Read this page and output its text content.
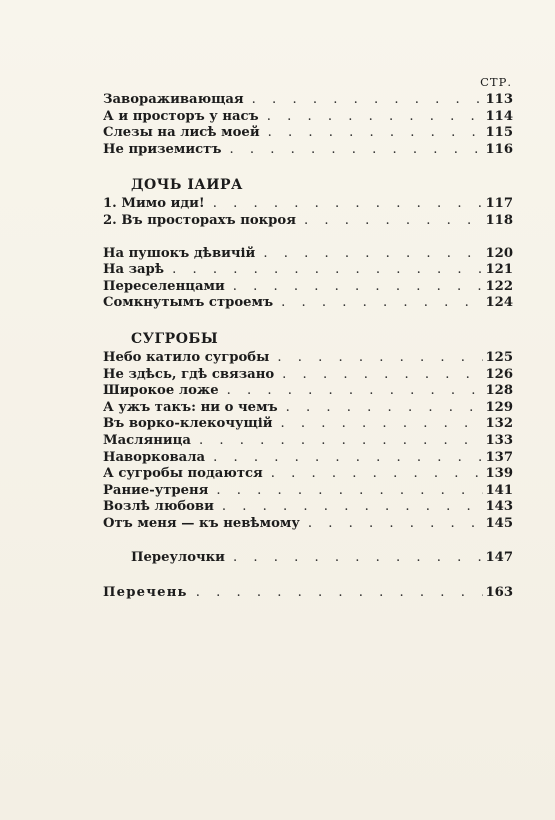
СТР.
Завораживающая . . .	113
А и просторъ у насъ . . .	114
Слезы на лисѣ моей . . .	115
Не приземистъ . . .	116
ДОЧЬ ІАИРА
1. Мимо иди! . . .	117
2. Въ просторахъ покроя . . .	118
На пушокъ дѣвичій . . .	120
На зарѣ . . .	121
Переселенцами . . .	122
Сомкнутымъ строемъ . . .	124
СУГРОБЫ
Небо катило сугробы . . .	125
Не здѣсь, гдѣ связано . . .	126
Широкое ложе . . .	128
А ужъ такъ: ни о чемъ . . .	129
Въ ворко-клекочущій . . .	132
Масляница . . .	133
Наворковала . . .	137
А сугробы подаются . . .	139
Рание-утреня . . .	141
Возлѣ любови . . .	143
Отъ меня — къ невѣмому . . .	145
Переулочки . . .	147
Перечень . . .	163
